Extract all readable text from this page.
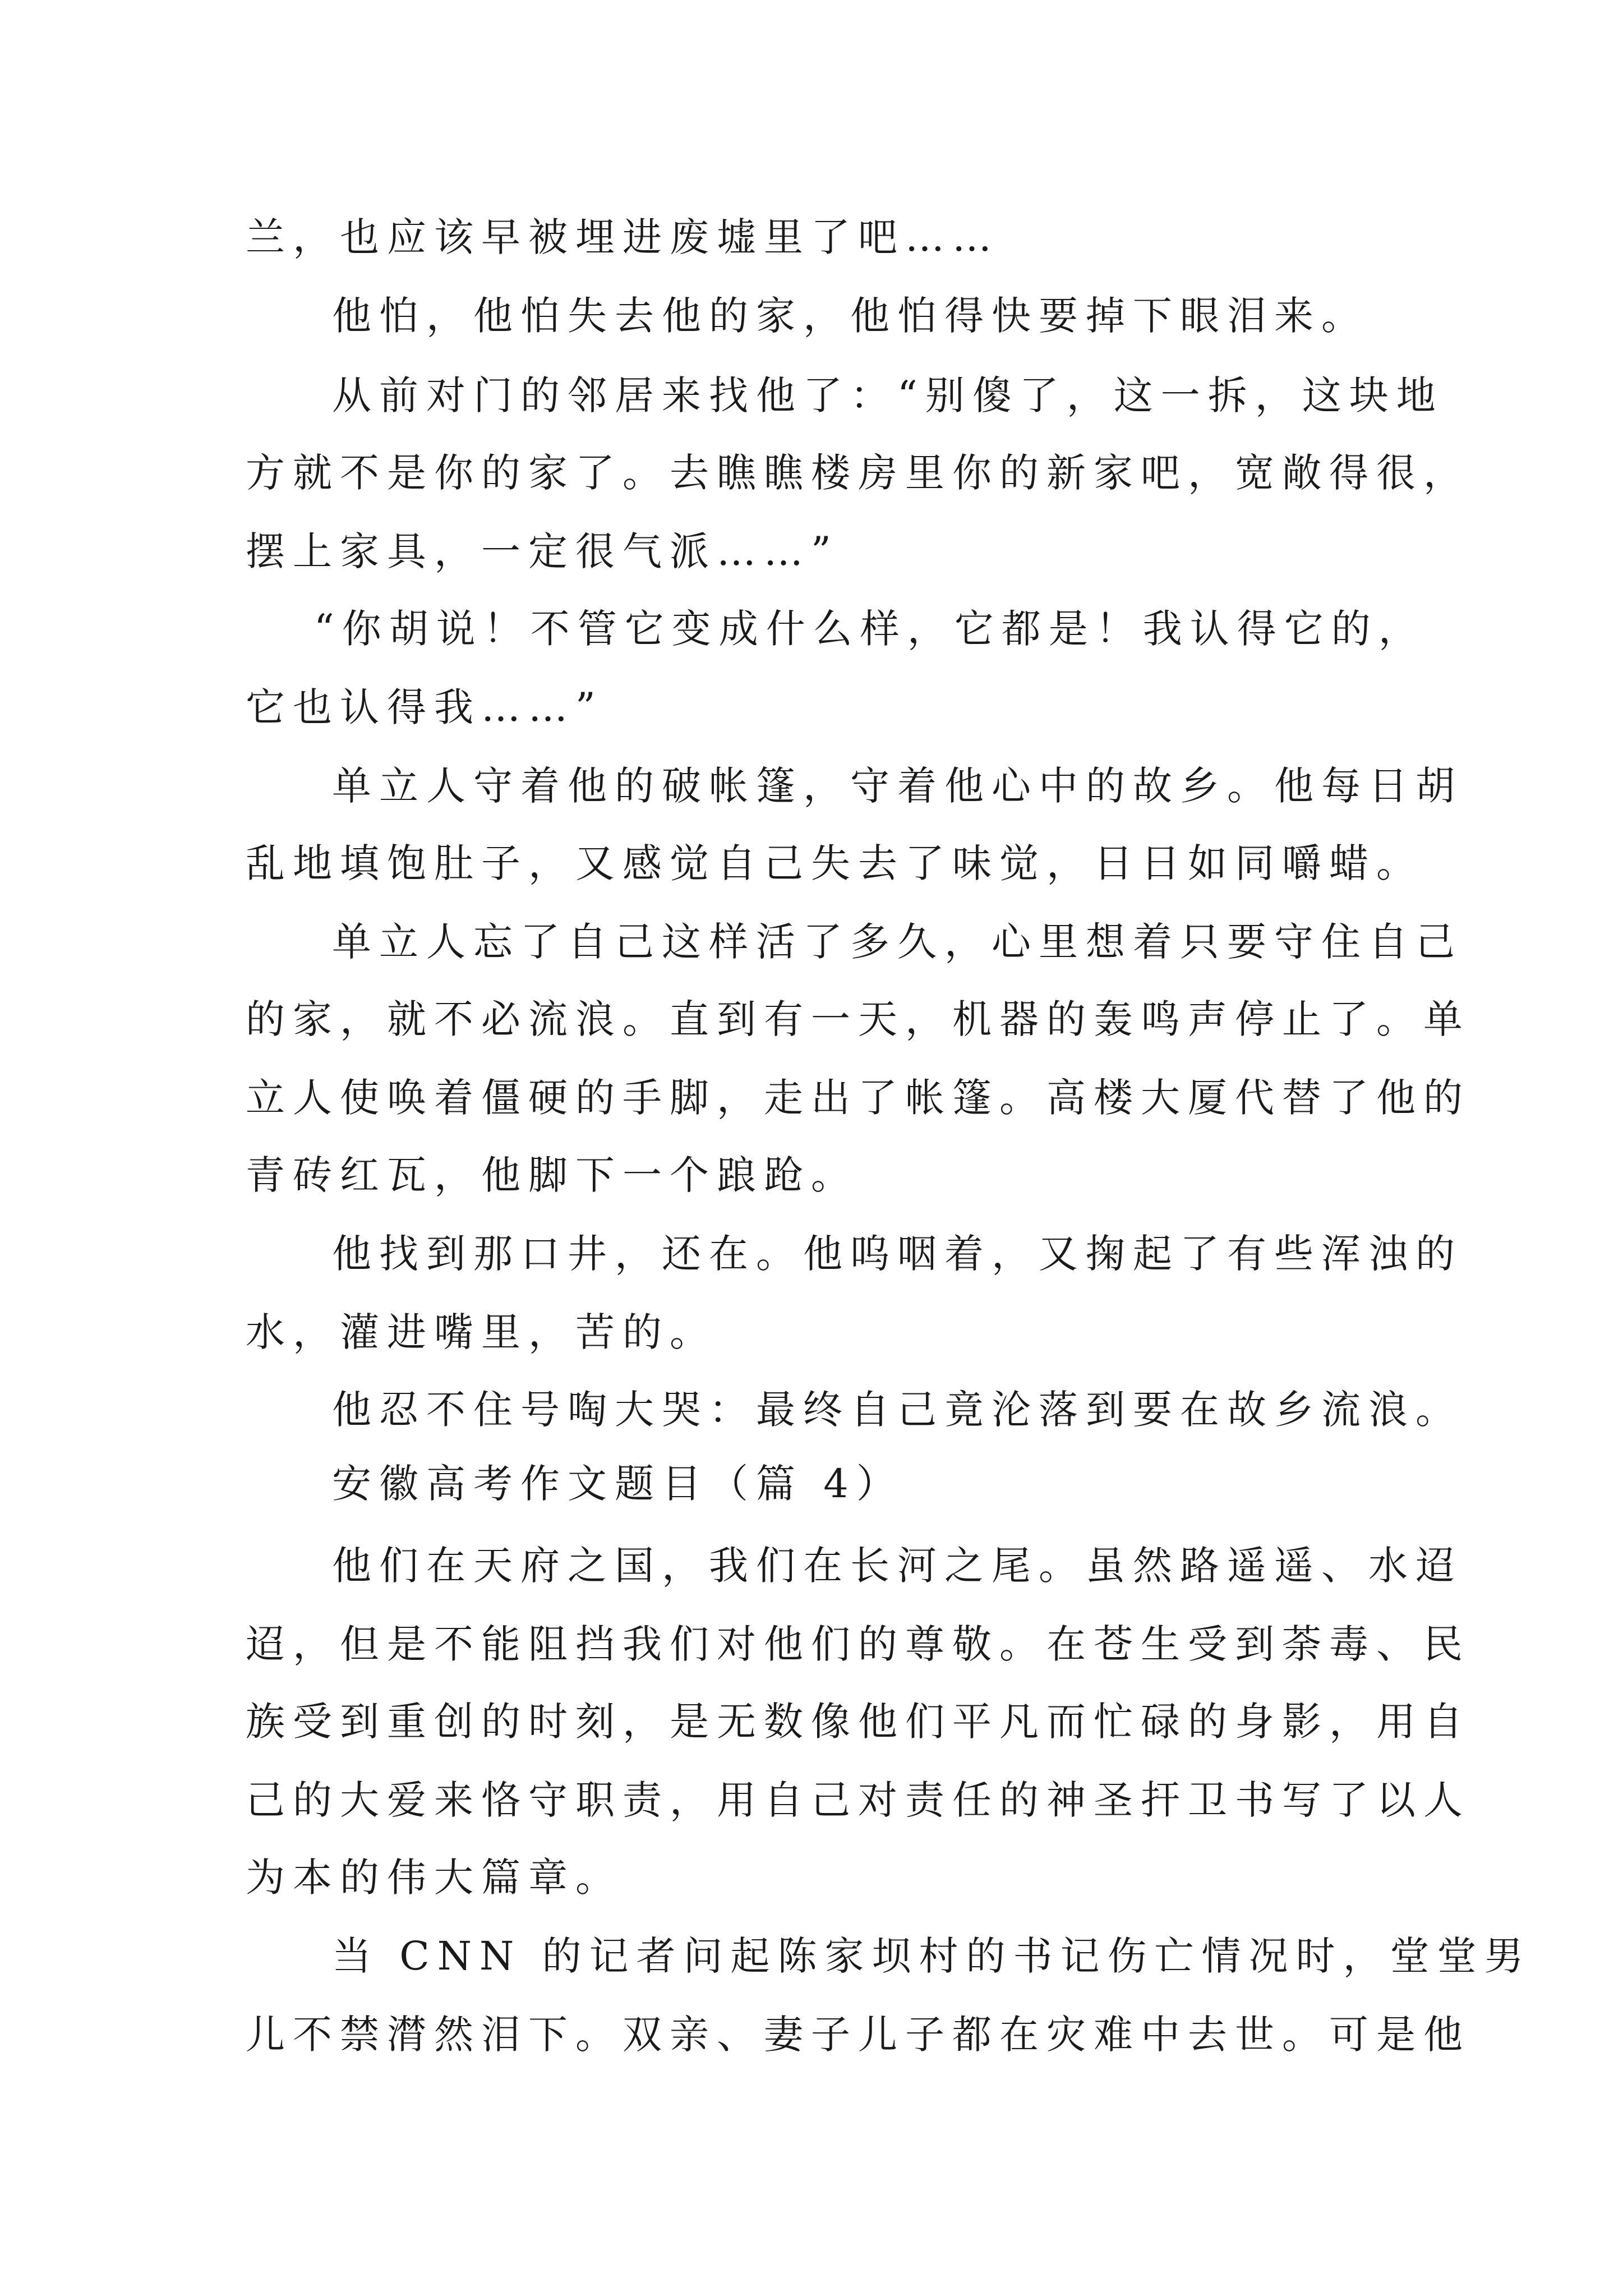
兰，也应该早被埋进废墟里了吧……
他怕，他怕失去他的家，他怕得快要掉下眼泪来。
从前对门的邻居来找他了：“别傻了，这一拆，这块地
方就不是你的家了。去瞧瞧楼房里你的新家吧，宽敞得很，
摆上家具，一定很气派……”
“你胡说！不管它变成什么样，它都是！我认得它的，
它也认得我……”
单立人守着他的破帐篷，守着他心中的故乡。他每日胡
乱地填饱肚子，又感觉自己失去了味觉，日日如同嚼蜡。
单立人忘了自己这样活了多久，心里想着只要守住自己
的家，就不必流浪。直到有一天，机器的轰鸣声停止了。单
立人使唤着僵硬的手脚，走出了帐篷。高楼大厦代替了他的
青砖红瓦，他脚下一个踉跄。
他找到那口井，还在。他呜咽着，又掬起了有些浑浊的
水，灌进嘴里，苦的。
他忍不住号啕大哭：最终自己竟沦落到要在故乡流浪。
安徽高考作文题目（篇 4）
他们在天府之国，我们在长河之尾。虽然路遥遥、水迢
迢，但是不能阻挡我们对他们的尊敬。在苍生受到荼毒、民
族受到重创的时刻，是无数像他们平凡而忙碌的身影，用自
己的大爱来恪守职责，用自己对责任的神圣扞卫书写了以人
为本的伟大篇章。
当 CNN 的记者问起陈家坝村的书记伤亡情况时，堂堂男
儿不禁潸然泪下。双亲、妻子儿子都在灾难中去世。可是他
